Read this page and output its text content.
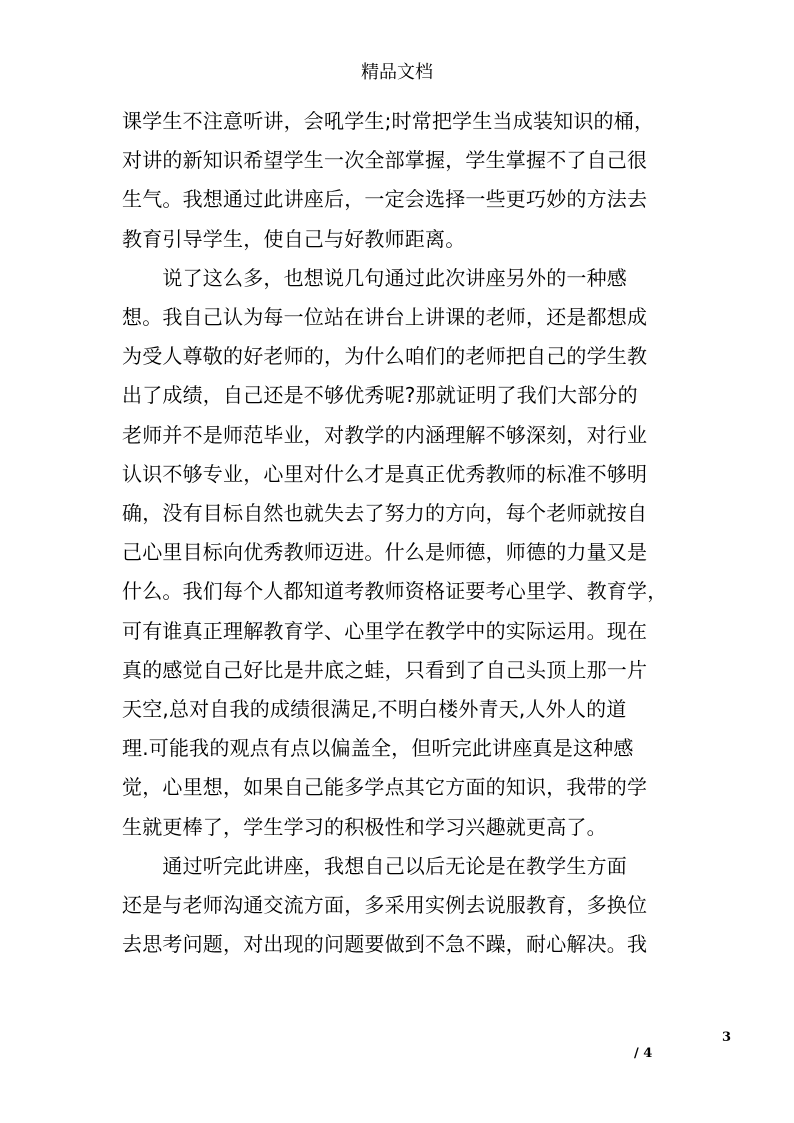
精品文档
课学生不注意听讲，会吼学生;时常把学生当成装知识的桶，
对讲的新知识希望学生一次全部掌握，学生掌握不了自己很
生气。我想通过此讲座后，一定会选择一些更巧妙的方法去
教育引导学生，使自己与好教师距离。
　　说了这么多，也想说几句通过此次讲座另外的一种感
想。我自己认为每一位站在讲台上讲课的老师，还是都想成
为受人尊敬的好老师的，为什么咱们的老师把自己的学生教
出了成绩，自己还是不够优秀呢?那就证明了我们大部分的
老师并不是师范毕业，对教学的内涵理解不够深刻，对行业
认识不够专业，心里对什么才是真正优秀教师的标准不够明
确，没有目标自然也就失去了努力的方向，每个老师就按自
己心里目标向优秀教师迈进。什么是师德，师德的力量又是
什么。我们每个人都知道考教师资格证要考心里学、教育学，
可有谁真正理解教育学、心里学在教学中的实际运用。现在
真的感觉自己好比是井底之蛙，只看到了自己头顶上那一片
天空,总对自我的成绩很满足,不明白楼外青天,人外人的道
理.可能我的观点有点以偏盖全，但听完此讲座真是这种感
觉，心里想，如果自己能多学点其它方面的知识，我带的学
生就更棒了，学生学习的积极性和学习兴趣就更高了。
　　通过听完此讲座，我想自己以后无论是在教学生方面
还是与老师沟通交流方面，多采用实例去说服教育，多换位
去思考问题，对出现的问题要做到不急不躁，耐心解决。我
3
/ 4
